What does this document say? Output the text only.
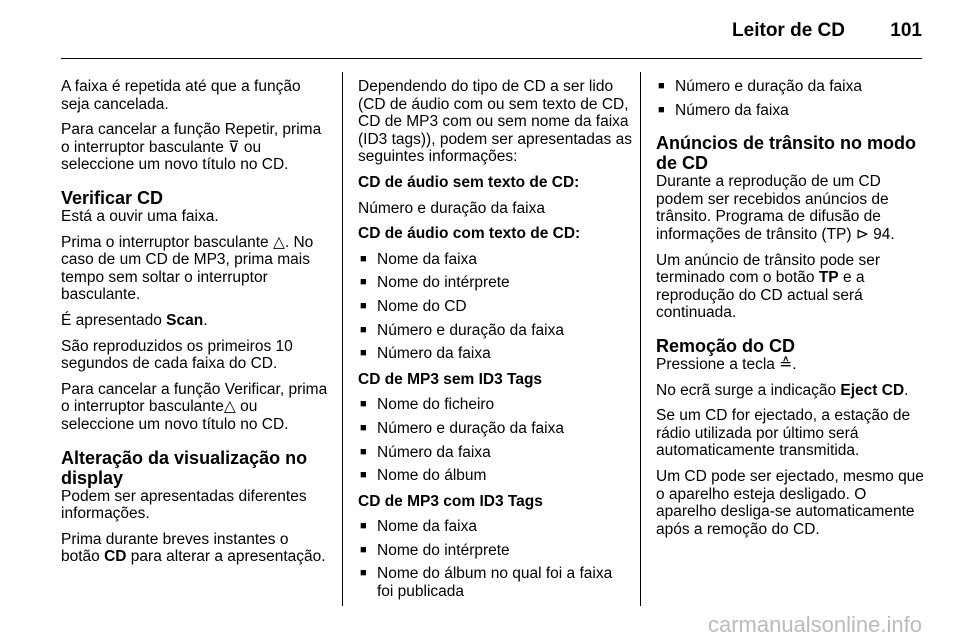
Leitor de CD 101

A faixa é repetida até que a função seja cancelada.

Para cancelar a função Repetir, prima o interruptor basculante ⊽ ou seleccione um novo título no CD.

Verificar CD

Está a ouvir uma faixa.

Prima o interruptor basculante △. No caso de um CD de MP3, prima mais tempo sem soltar o interruptor basculante.

É apresentado Scan.

São reproduzidos os primeiros 10 segundos de cada faixa do CD.

Para cancelar a função Verificar, prima o interruptor basculante△ ou seleccione um novo título no CD.

Alteração da visualização no display

Podem ser apresentadas diferentes informações.

Prima durante breves instantes o botão CD para alterar a apresentação.

Dependendo do tipo de CD a ser lido (CD de áudio com ou sem texto de CD, CD de MP3 com ou sem nome da faixa (ID3 tags)), podem ser apresentadas as seguintes informações:

CD de áudio sem texto de CD:

Número e duração da faixa

CD de áudio com texto de CD:
■ Nome da faixa
■ Nome do intérprete
■ Nome do CD
■ Número e duração da faixa
■ Número da faixa
CD de MP3 sem ID3 Tags
■ Nome do ficheiro
■ Número e duração da faixa
■ Número da faixa
■ Nome do álbum
CD de MP3 com ID3 Tags
■ Nome da faixa
■ Nome do intérprete
■ Nome do álbum no qual foi a faixa foi publicada
■ Número e duração da faixa
■ Número da faixa
Anúncios de trânsito no modo de CD

Durante a reprodução de um CD podem ser recebidos anúncios de trânsito. Programa de difusão de informações de trânsito (TP) ⊳ 94.

Um anúncio de trânsito pode ser terminado com o botão TP e a reprodução do CD actual será continuada.

Remoção do CD

Pressione a tecla ≙.

No ecrã surge a indicação Eject CD.

Se um CD for ejectado, a estação de rádio utilizada por último será automaticamente transmitida.

Um CD pode ser ejectado, mesmo que o aparelho esteja desligado. O aparelho desliga-se automaticamente após a remoção do CD.

carmanualsonline.info
